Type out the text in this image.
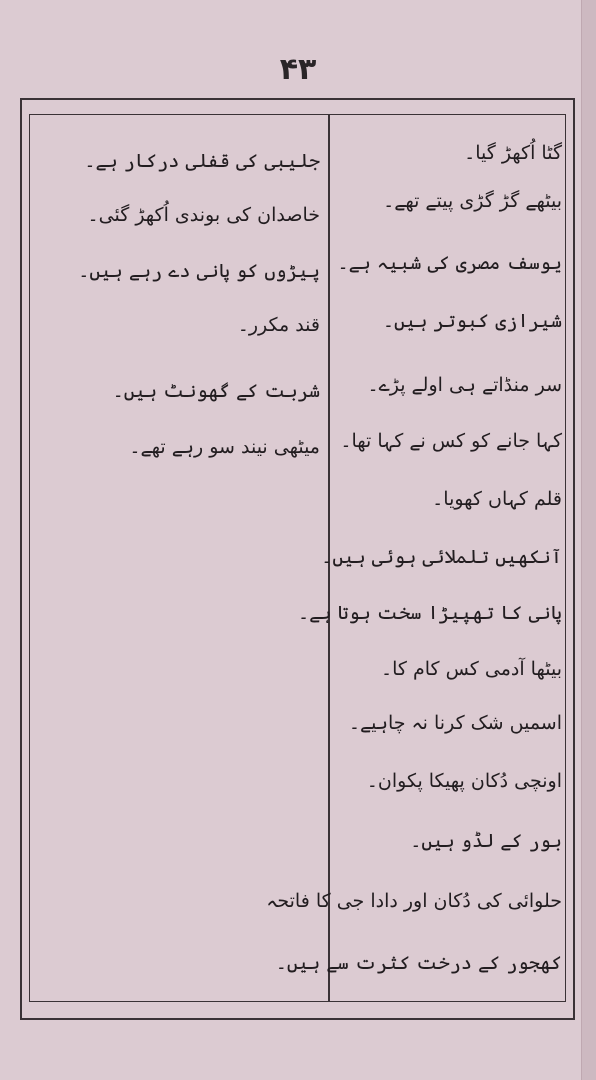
۴۳
گٹا اُکھڑ گیا۔
بیٹھے گڑ گڑی پیتے تھے۔
یوسف مصری کی شبیہ ہے۔
شیرازی کبوتر ہیں۔
سر منڈاتے ہی اولے پڑے۔
کہا جانے کو کس نے کہا تھا۔
قلم کہاں کھویا۔
آنکھیں تلملائی ہوئی ہیں۔
پانی کا تھپیڑا سخت ہوتا ہے۔
بیٹھا آدمی کس کام کا۔
اسمیں شک کرنا نہ چاہیے۔
اونچی دُکان پھیکا پکوان۔
بور کے لڈو ہیں۔
حلوائی کی دُکان اور دادا جی کا فاتحہ
کھجور کے درخت کثرت سے ہیں۔
جلیبی کی قفلی درکار ہے۔
خاصدان کی بوندی اُکھڑ گئی۔
پیڑوں کو پانی دے رہے ہیں۔
قند مکرر۔
شربت کے گھونٹ ہیں۔
میٹھی نیند سو رہے تھے۔
